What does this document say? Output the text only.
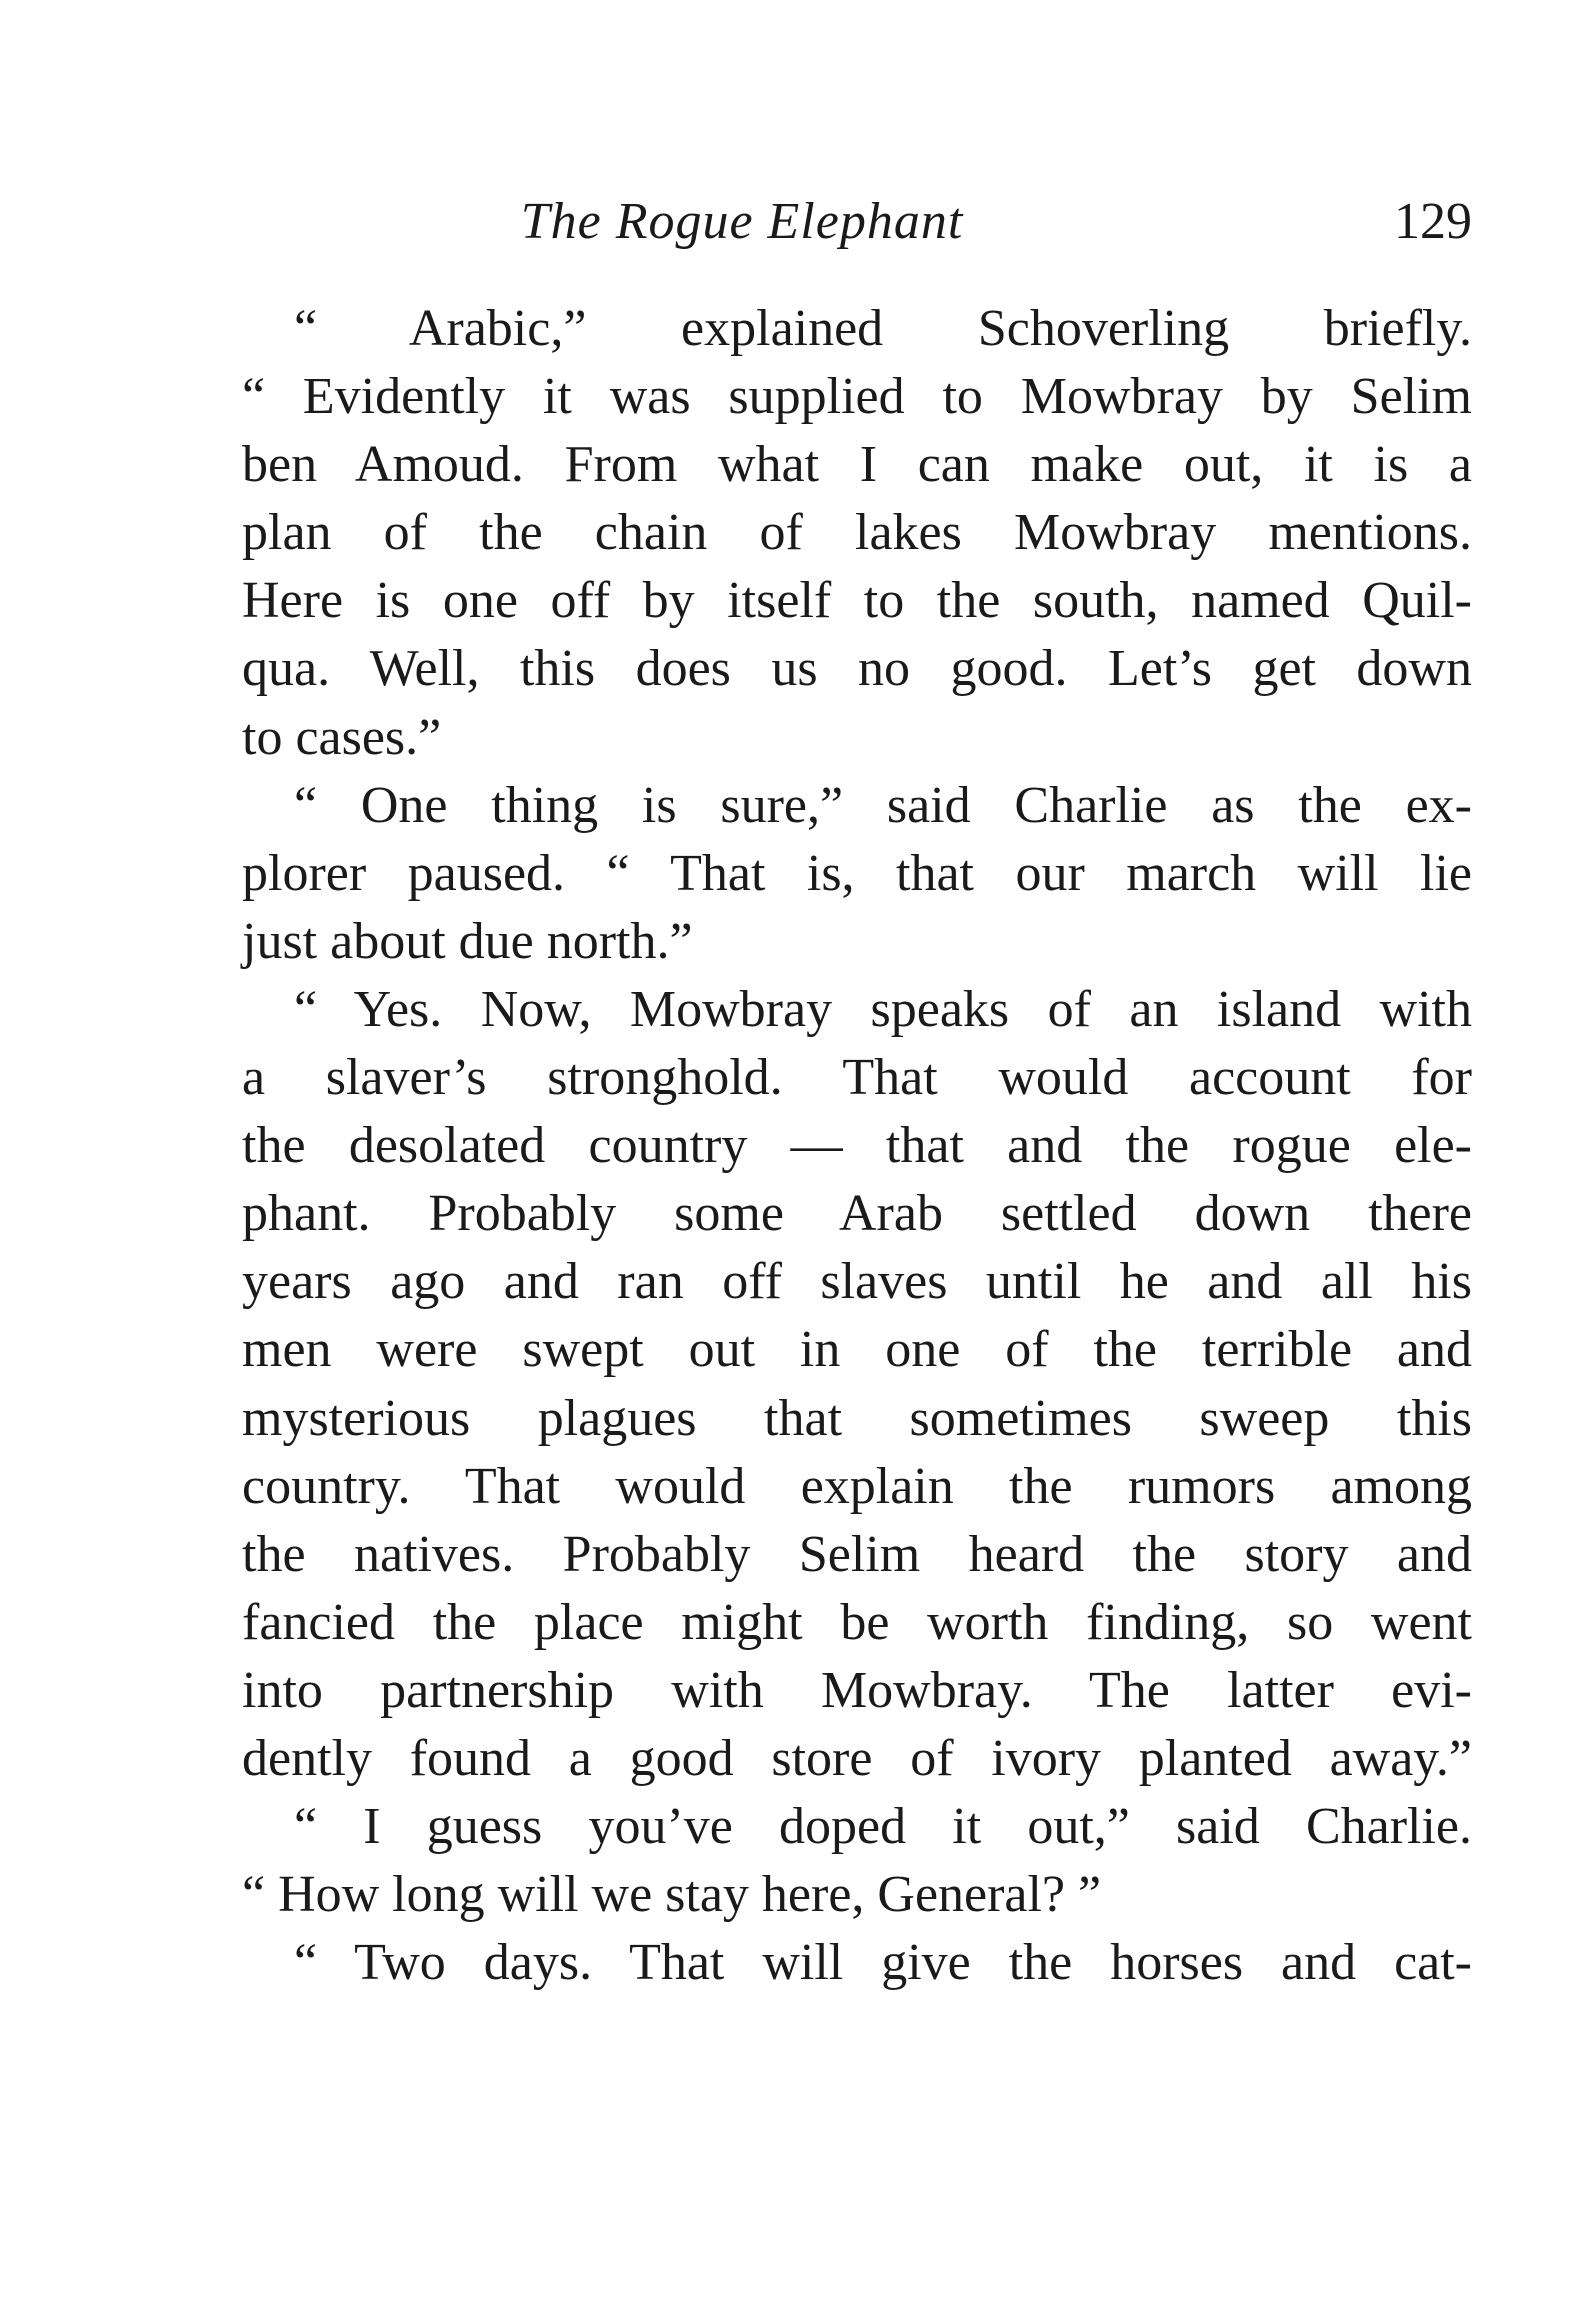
The Rogue Elephant	129
“ Arabic,” explained Schoverling briefly.
“ Evidently it was supplied to Mowbray by Selim
ben Amoud. From what I can make out, it is a
plan of the chain of lakes Mowbray mentions.
Here is one off by itself to the south, named Quil-
qua. Well, this does us no good. Let’s get down
to cases.”
“ One thing is sure,” said Charlie as the ex-
plorer paused. “ That is, that our march will lie
just about due north.”
“ Yes. Now, Mowbray speaks of an island with
a slaver’s stronghold. That would account for
the desolated country — that and the rogue ele-
phant. Probably some Arab settled down there
years ago and ran off slaves until he and all his
men were swept out in one of the terrible and
mysterious plagues that sometimes sweep this
country. That would explain the rumors among
the natives. Probably Selim heard the story and
fancied the place might be worth finding, so went
into partnership with Mowbray. The latter evi-
dently found a good store of ivory planted away.”
“ I guess you’ve doped it out,” said Charlie.
“ How long will we stay here, General? ”
“ Two days. That will give the horses and cat-
